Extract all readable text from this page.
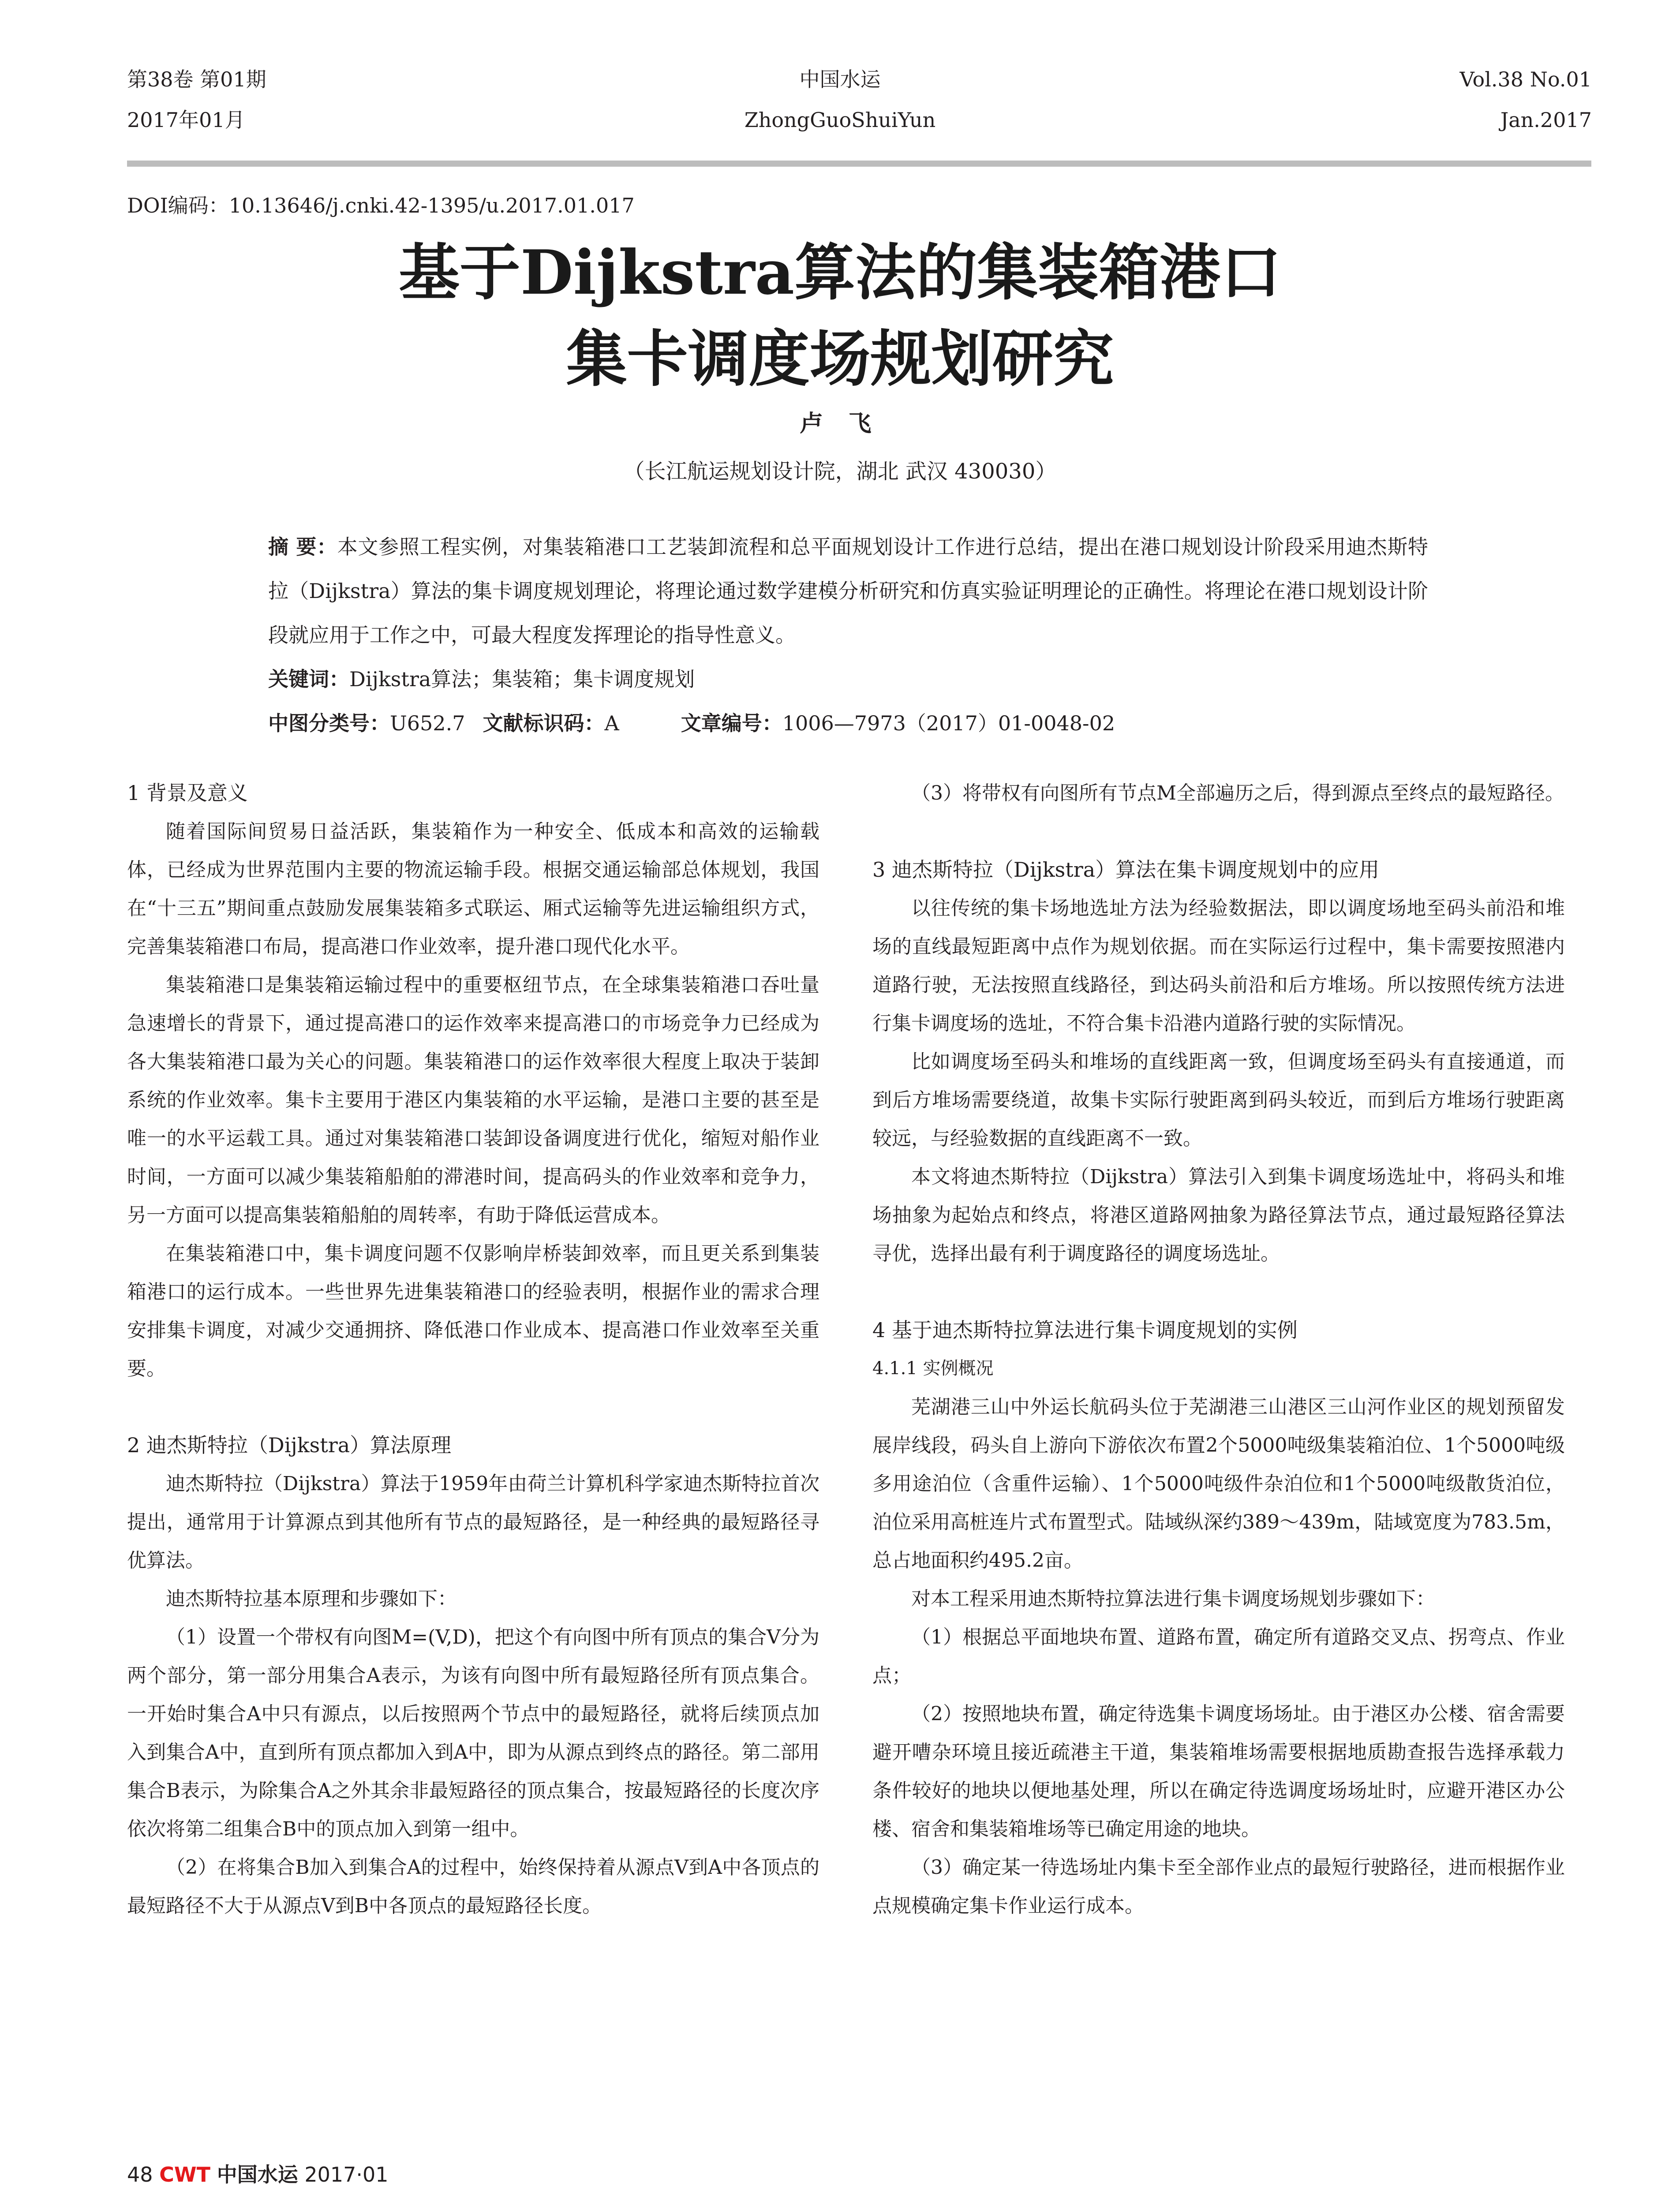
第38卷 第01期
2017年01月
中国水运
ZhongGuoShuiYun
Vol.38 No.01
Jan.2017
DOI编码：10.13646/j.cnki.42-1395/u.2017.01.017
基于Dijkstra算法的集装箱港口
集卡调度场规划研究
卢 飞
（长江航运规划设计院，湖北 武汉 430030）

摘 要：本文参照工程实例，对集装箱港口工艺装卸流程和总平面规划设计工作进行总结，提出在港口规划设计阶段采用迪杰斯特拉（Dijkstra）算法的集卡调度规划理论，将理论通过数学建模分析研究和仿真实验证明理论的正确性。将理论在港口规划设计阶段就应用于工作之中，可最大程度发挥理论的指导性意义。

关键词：Dijkstra算法；集装箱；集卡调度规划

中图分类号：U652.7 文献标识码：A	文章编号：1006—7973（2017）01-0048-02

1 背景及意义

随着国际间贸易日益活跃，集装箱作为一种安全、低成本和高效的运输载体，已经成为世界范围内主要的物流运输手段。根据交通运输部总体规划，我国在“十三五”期间重点鼓励发展集装箱多式联运、厢式运输等先进运输组织方式，完善集装箱港口布局，提高港口作业效率，提升港口现代化水平。

集装箱港口是集装箱运输过程中的重要枢纽节点，在全球集装箱港口吞吐量急速增长的背景下，通过提高港口的运作效率来提高港口的市场竞争力已经成为各大集装箱港口最为关心的问题。集装箱港口的运作效率很大程度上取决于装卸系统的作业效率。集卡主要用于港区内集装箱的水平运输，是港口主要的甚至是唯一的水平运载工具。通过对集装箱港口装卸设备调度进行优化，缩短对船作业时间，一方面可以减少集装箱船舶的滞港时间，提高码头的作业效率和竞争力，另一方面可以提高集装箱船舶的周转率，有助于降低运营成本。

在集装箱港口中，集卡调度问题不仅影响岸桥装卸效率，而且更关系到集装箱港口的运行成本。一些世界先进集装箱港口的经验表明，根据作业的需求合理安排集卡调度，对减少交通拥挤、降低港口作业成本、提高港口作业效率至关重要。

2 迪杰斯特拉（Dijkstra）算法原理

迪杰斯特拉（Dijkstra）算法于1959年由荷兰计算机科学家迪杰斯特拉首次提出，通常用于计算源点到其他所有节点的最短路径，是一种经典的最短路径寻优算法。

迪杰斯特拉基本原理和步骤如下：

（1）设置一个带权有向图M=(V,D)，把这个有向图中所有顶点的集合V分为两个部分，第一部分用集合A表示，为该有向图中所有最短路径所有顶点集合。一开始时集合A中只有源点，以后按照两个节点中的最短路径，就将后续顶点加入到集合A中，直到所有顶点都加入到A中，即为从源点到终点的路径。第二部用集合B表示，为除集合A之外其余非最短路径的顶点集合，按最短路径的长度次序依次将第二组集合B中的顶点加入到第一组中。

（2）在将集合B加入到集合A的过程中，始终保持着从源点V到A中各顶点的最短路径不大于从源点V到B中各顶点的最短路径长度。

（3）将带权有向图所有节点M全部遍历之后，得到源点至终点的最短路径。

3 迪杰斯特拉（Dijkstra）算法在集卡调度规划中的应用

以往传统的集卡场地选址方法为经验数据法，即以调度场地至码头前沿和堆场的直线最短距离中点作为规划依据。而在实际运行过程中，集卡需要按照港内道路行驶，无法按照直线路径，到达码头前沿和后方堆场。所以按照传统方法进行集卡调度场的选址，不符合集卡沿港内道路行驶的实际情况。

比如调度场至码头和堆场的直线距离一致，但调度场至码头有直接通道，而到后方堆场需要绕道，故集卡实际行驶距离到码头较近，而到后方堆场行驶距离较远，与经验数据的直线距离不一致。

本文将迪杰斯特拉（Dijkstra）算法引入到集卡调度场选址中，将码头和堆场抽象为起始点和终点，将港区道路网抽象为路径算法节点，通过最短路径算法寻优，选择出最有利于调度路径的调度场选址。

4 基于迪杰斯特拉算法进行集卡调度规划的实例
4.1.1 实例概况

芜湖港三山中外运长航码头位于芜湖港三山港区三山河作业区的规划预留发展岸线段，码头自上游向下游依次布置2个5000吨级集装箱泊位、1个5000吨级多用途泊位（含重件运输）、1个5000吨级件杂泊位和1个5000吨级散货泊位，泊位采用高桩连片式布置型式。陆域纵深约389～439m，陆域宽度为783.5m，总占地面积约495.2亩。

对本工程采用迪杰斯特拉算法进行集卡调度场规划步骤如下：

（1）根据总平面地块布置、道路布置，确定所有道路交叉点、拐弯点、作业点；

（2）按照地块布置，确定待选集卡调度场场址。由于港区办公楼、宿舍需要避开嘈杂环境且接近疏港主干道，集装箱堆场需要根据地质勘查报告选择承载力条件较好的地块以便地基处理，所以在确定待选调度场场址时，应避开港区办公楼、宿舍和集装箱堆场等已确定用途的地块。

（3）确定某一待选场址内集卡至全部作业点的最短行驶路径，进而根据作业点规模确定集卡作业运行成本。

48 CWT 中国水运 2017·01
